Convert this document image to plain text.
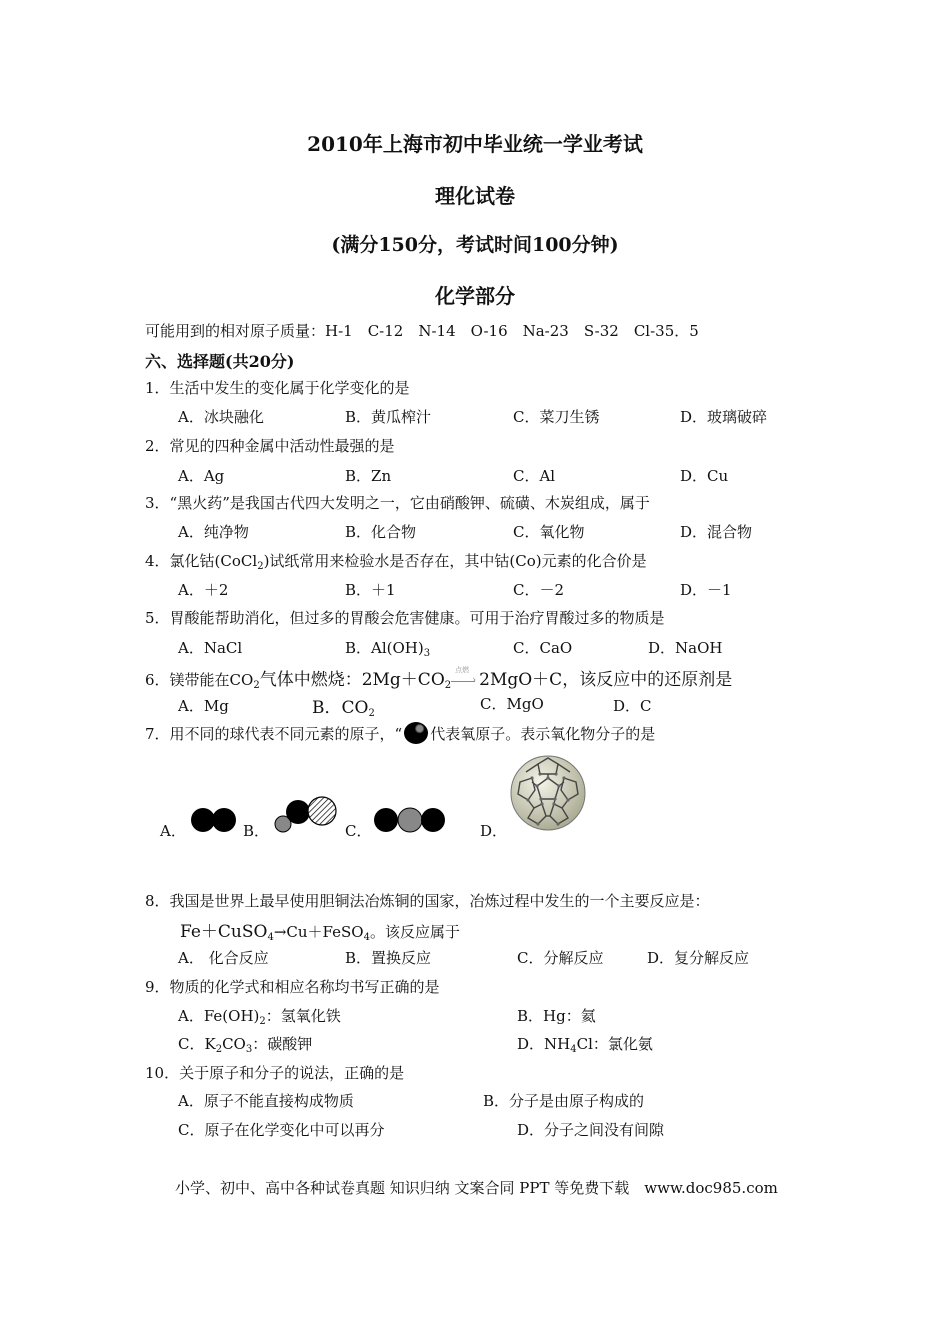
2010年上海市初中毕业统一学业考试
理化试卷
(满分150分，考试时间100分钟)
化学部分
可能用到的相对原子质量：H-1　C-12　N-14　O-16　Na-23　S-32　Cl-35．5
六、选择题(共20分)
1．生活中发生的变化属于化学变化的是
A．冰块融化	B．黄瓜榨汁	C．菜刀生锈	D．玻璃破碎
2．常见的四种金属中活动性最强的是
A．Ag	B．Zn	C．Al	D．Cu
3．“黑火药”是我国古代四大发明之一，它由硝酸钾、硫磺、木炭组成，属于
A．纯净物	B．化合物	C．氧化物	D．混合物
4．氯化钴(CoCl$_2$)试纸常用来检验水是否存在，其中钴(Co)元素的化合价是
A．＋2	B．＋1	C．－2	D．－1
5．胃酸能帮助消化，但过多的胃酸会危害健康。可用于治疗胃酸过多的物质是
A．NaCl	B．$Al(OH)_3$	C．CaO	D．NaOH
6．镁带能在$CO_2$气体中燃烧：$2Mg+CO_2$
点燃
› 2MgO＋C，该反应中的还原剂是
A．Mg	B．$CO_2$
C．MgO	D．C
7．用不同的球代表不同元素的原子，“ 代表氧原子。表示氧化物分子的是
A．	B．	C．	D．
8．我国是世界上最早使用胆铜法冶炼铜的国家，冶炼过程中发生的一个主要反应是：
Fe＋CuSO$_4$→Cu＋FeSO$_4$。该反应属于
A． 化合反应	B．置换反应	C．分解反应	D．复分解反应
9．物质的化学式和相应名称均书写正确的是
A．$Fe(OH)_2$：氢氧化铁	B．Hg：氦
C．$K_2CO_3$：碳酸钾	D．$NH_4Cl$：氯化氨
10．关于原子和分子的说法，正确的是
A．原子不能直接构成物质	B．分子是由原子构成的
C．原子在化学变化中可以再分	D．分子之间没有间隙
小学、初中、高中各种试卷真题 知识归纳 文案合同 PPT 等免费下载　www.doc985.com
